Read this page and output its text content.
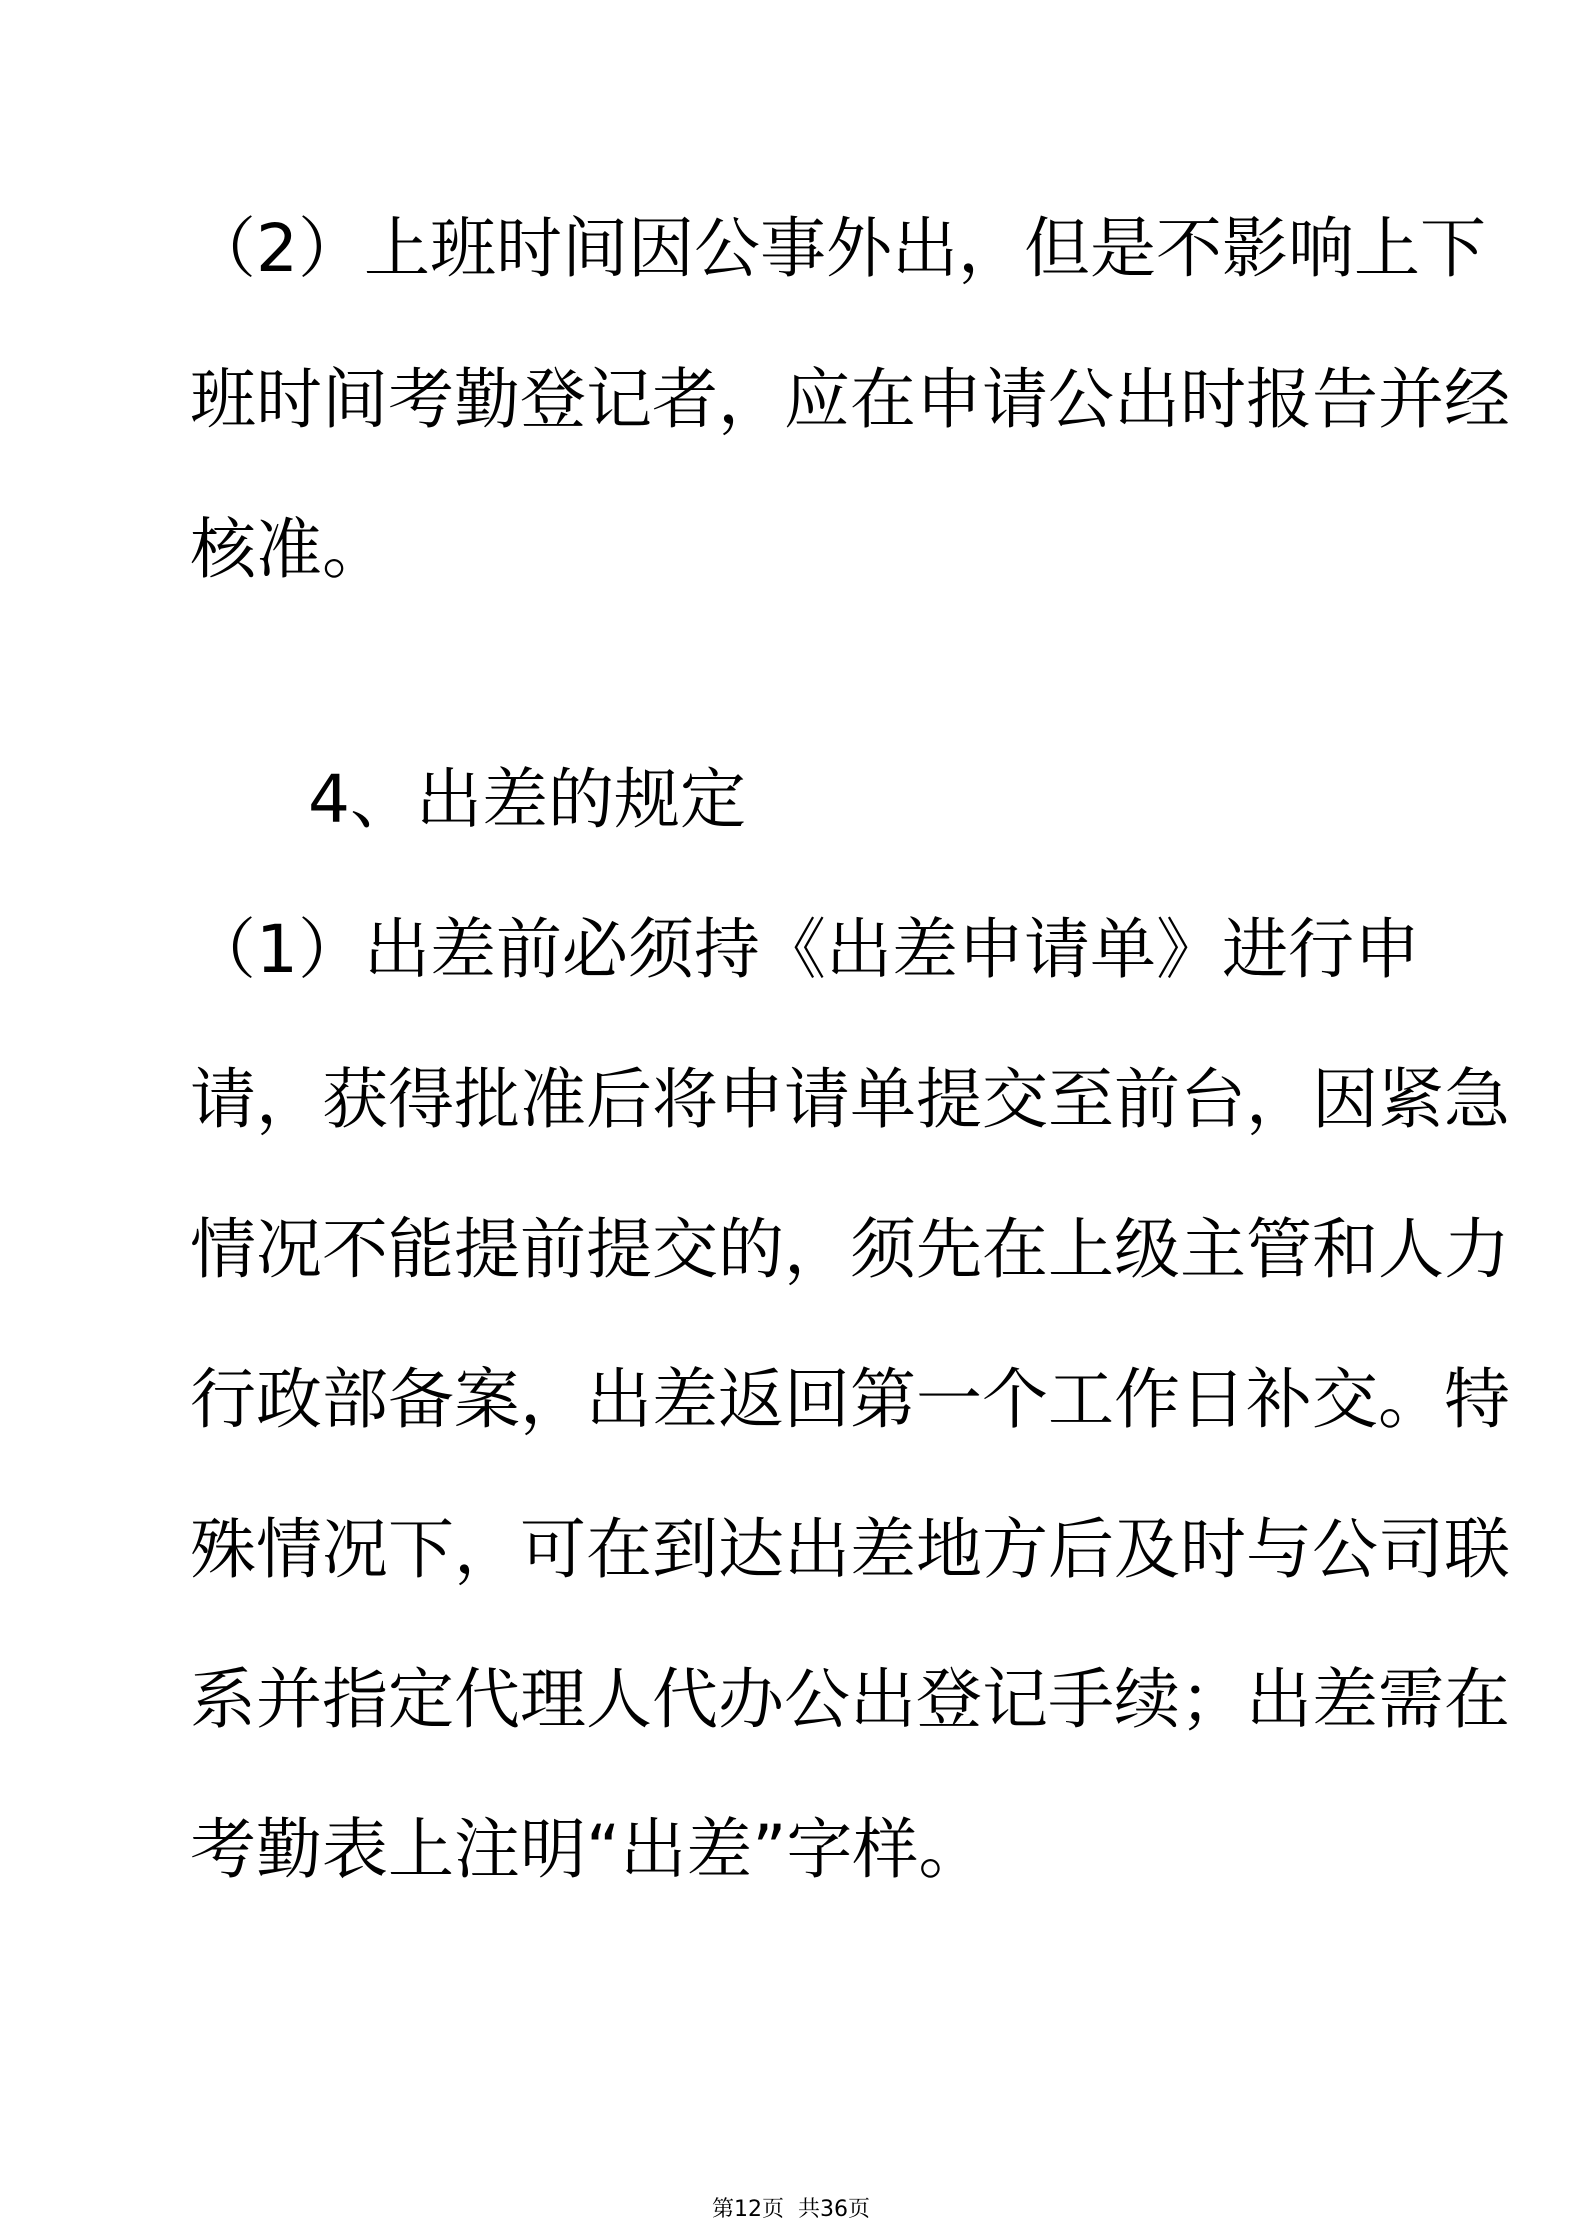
（2）上班时间因公事外出，但是不影响上下
班时间考勤登记者，应在申请公出时报告并经
核准。
4、出差的规定
（1）出差前必须持《出差申请单》进行申
请，获得批准后将申请单提交至前台，因紧急
情况不能提前提交的，须先在上级主管和人力
行政部备案，出差返回第一个工作日补交。特
殊情况下，可在到达出差地方后及时与公司联
系并指定代理人代办公出登记手续；出差需在
考勤表上注明“出差”字样。
第12页  共36页
